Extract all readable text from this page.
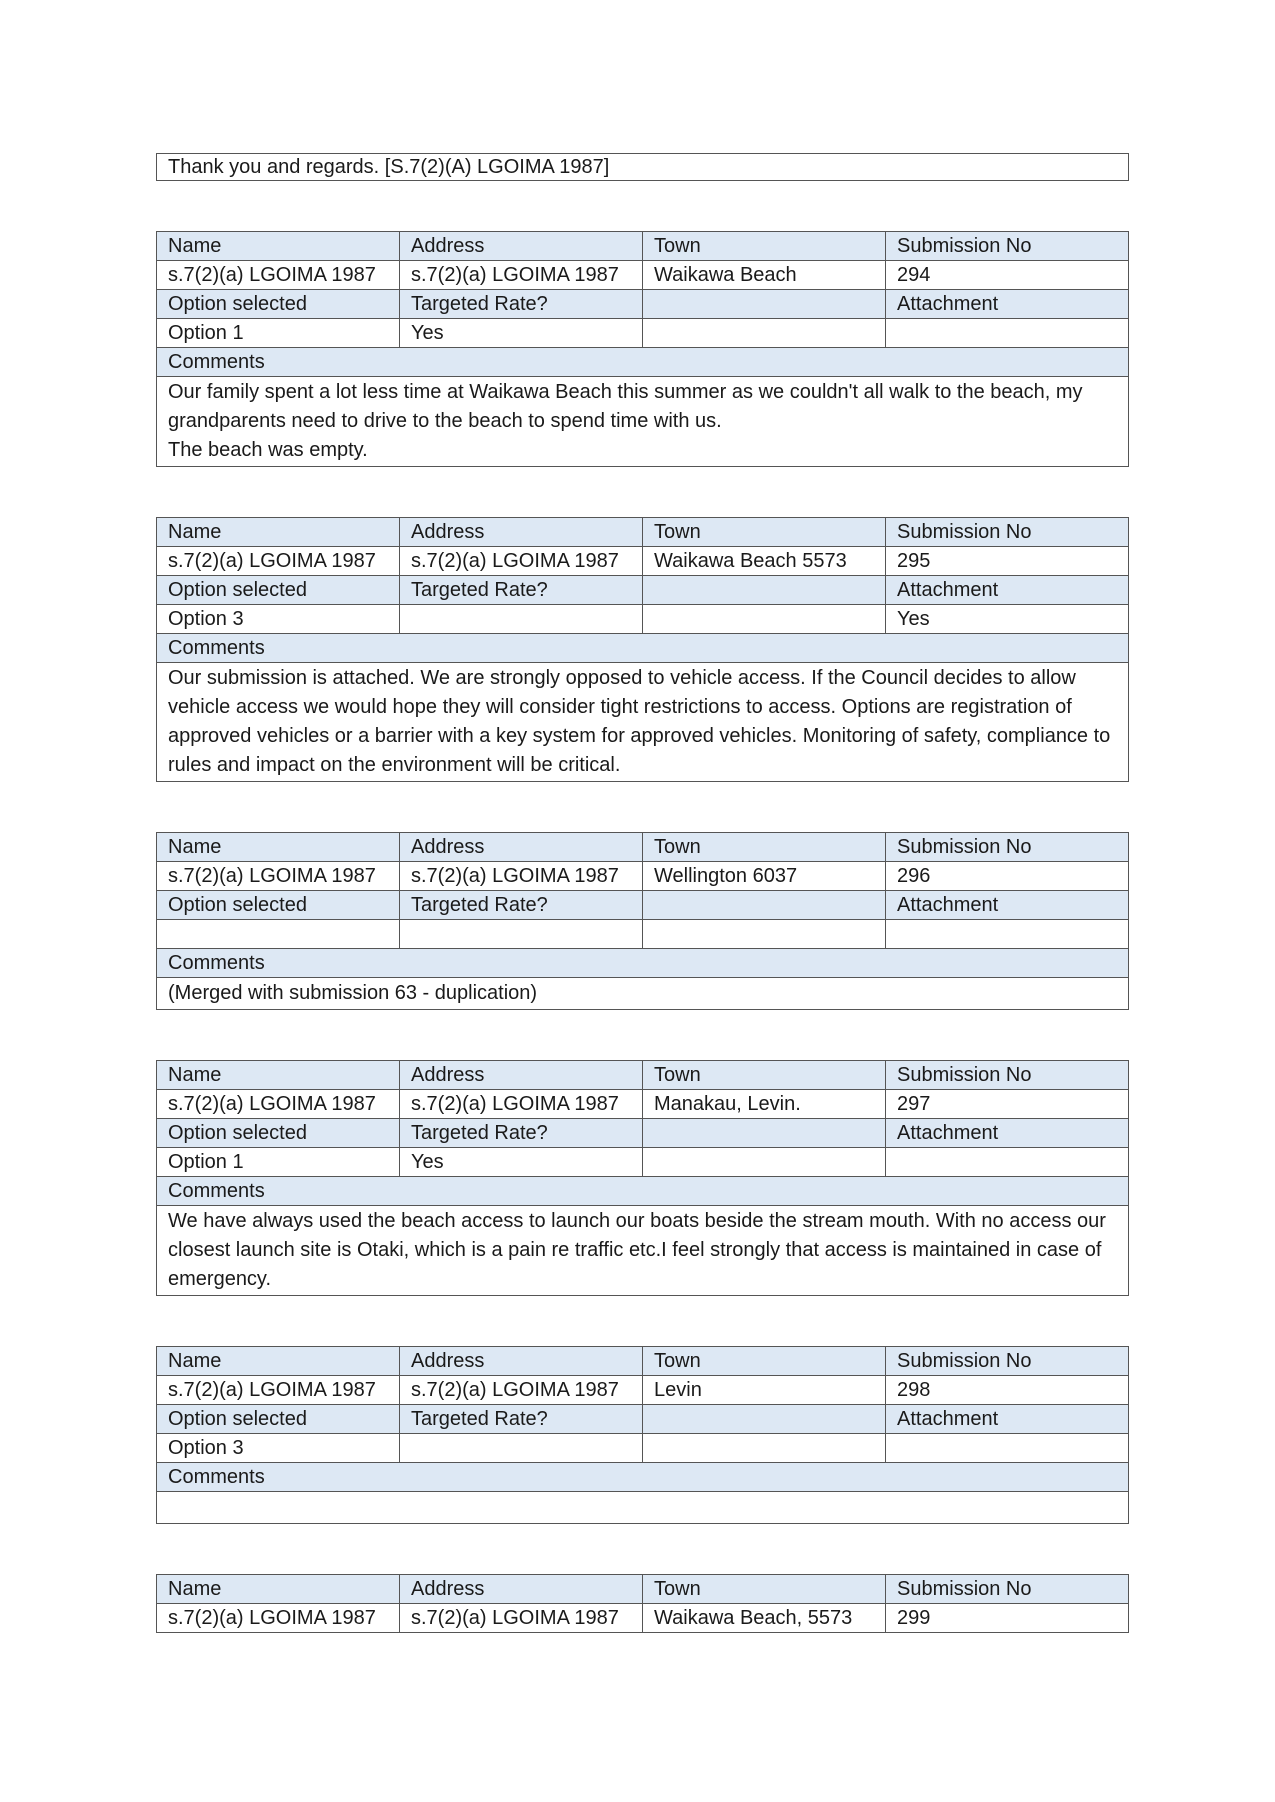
Thank you and regards. [S.7(2)(A) LGOIMA 1987]
Name	Address	Town	Submission No
s.7(2)(a) LGOIMA 1987	s.7(2)(a) LGOIMA 1987	Waikawa Beach	294
Option selected	Targeted Rate?		Attachment
Option 1	Yes		
Comments			
Our family spent a lot less time at Waikawa Beach this summer as we couldn't all walk to the beach, my grandparents need to drive to the beach to spend time with us.
The beach was empty.			
Name	Address	Town	Submission No
s.7(2)(a) LGOIMA 1987	s.7(2)(a) LGOIMA 1987	Waikawa Beach 5573	295
Option selected	Targeted Rate?		Attachment
Option 3			Yes
Comments			
Our submission is attached. We are strongly opposed to vehicle access. If the Council decides to allow vehicle access we would hope they will consider tight restrictions to access. Options are registration of approved vehicles or a barrier with a key system for approved vehicles. Monitoring of safety, compliance to rules and impact on the environment will be critical.			
Name	Address	Town	Submission No
s.7(2)(a) LGOIMA 1987	s.7(2)(a) LGOIMA 1987	Wellington 6037	296
Option selected	Targeted Rate?		Attachment

Comments			
(Merged with submission 63 - duplication)			
Name	Address	Town	Submission No
s.7(2)(a) LGOIMA 1987	s.7(2)(a) LGOIMA 1987	Manakau, Levin.	297
Option selected	Targeted Rate?		Attachment
Option 1	Yes		
Comments			
We have always used the beach access to launch our boats beside the stream mouth. With no access our closest launch site is Otaki, which is a pain re traffic etc.I feel strongly that access is maintained in case of emergency.			
Name	Address	Town	Submission No
s.7(2)(a) LGOIMA 1987	s.7(2)(a) LGOIMA 1987	Levin	298
Option selected	Targeted Rate?		Attachment
Option 3			
Comments			

Name	Address	Town	Submission No
s.7(2)(a) LGOIMA 1987	s.7(2)(a) LGOIMA 1987	Waikawa Beach, 5573	299
